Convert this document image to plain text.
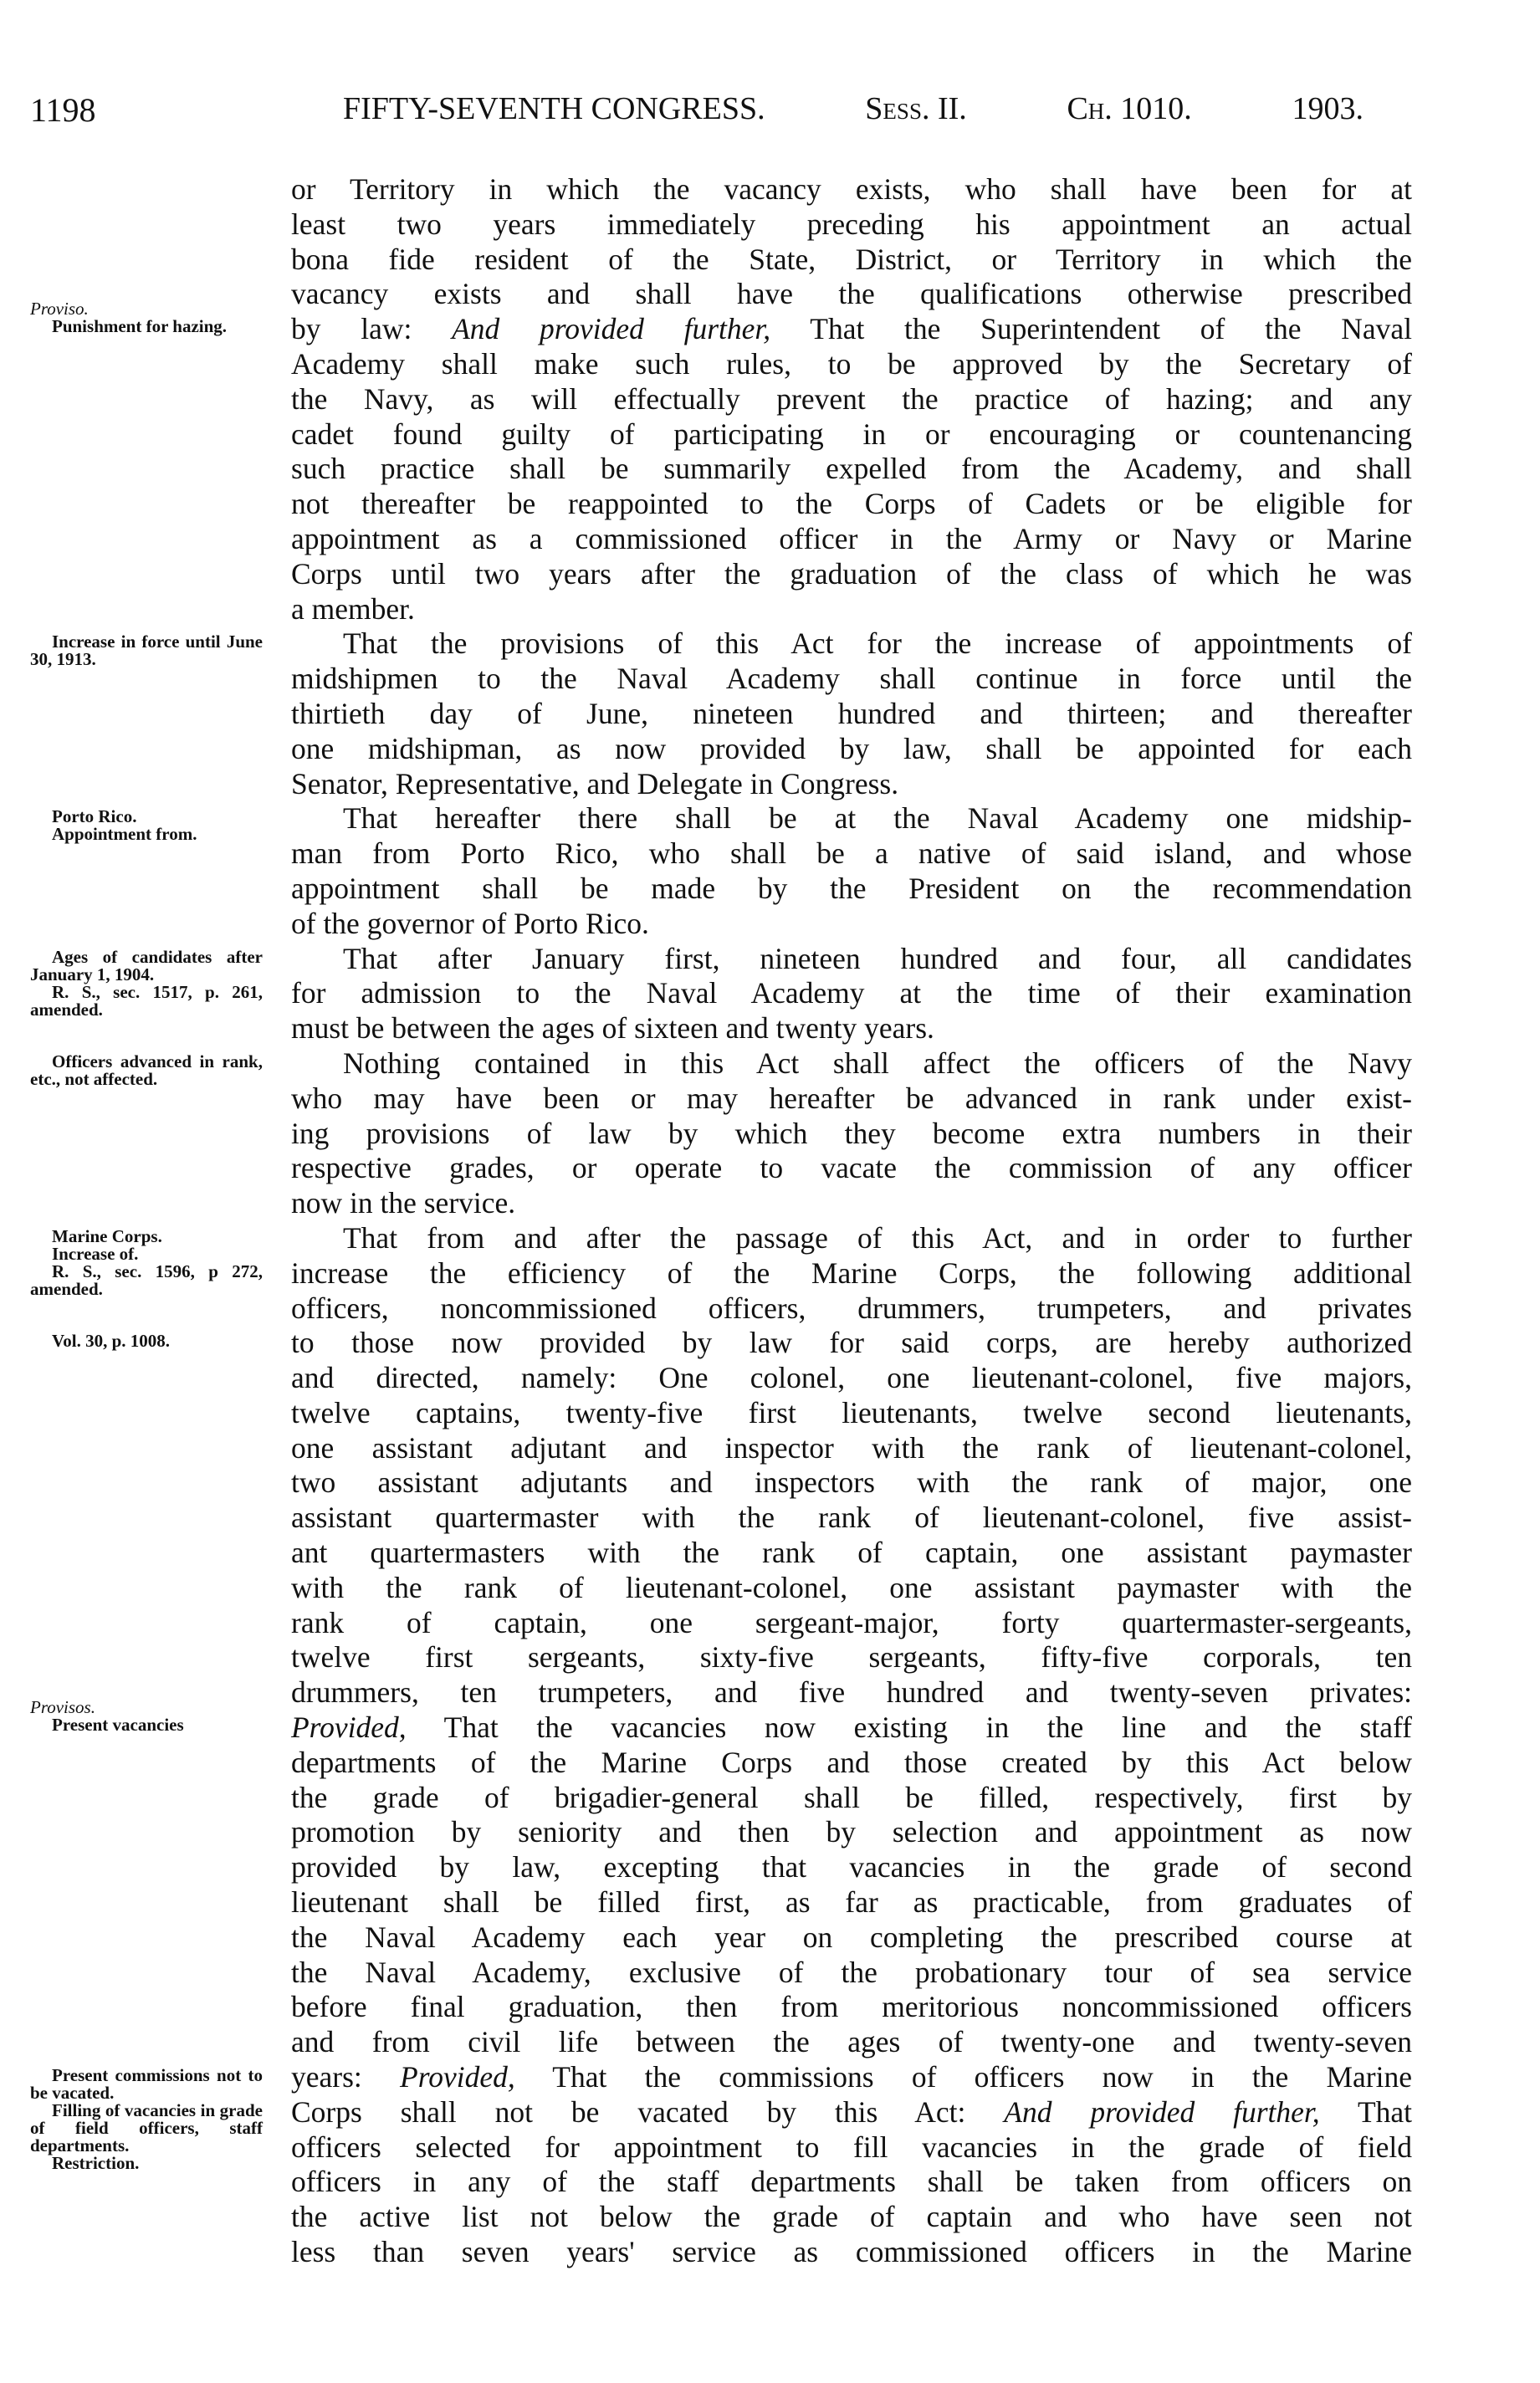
1198	FIFTY-SEVENTH CONGRESS.	Sess. II.	Ch. 1010.	1903.
Proviso.
Punishment for hazing.
Increase in force until June 30, 1913.
Porto Rico.
Appointment from.
Ages of candidates after January 1, 1904.
R. S., sec. 1517, p. 261, amended.
Officers advanced in rank, etc., not affected.
Marine Corps.
Increase of.
R. S., sec. 1596, p 272, amended.
Vol. 30, p. 1008.
Provisos.
Present vacancies
Present commissions not to be vacated.
Filling of vacancies in grade of field officers, staff departments.
Restriction.
or Territory in which the vacancy exists, who shall have been for at
least two years immediately preceding his appointment an actual
bona fide resident of the State, District, or Territory in which the
vacancy exists and shall have the qualifications otherwise prescribed
by law: And provided further, That the Superintendent of the Naval
Academy shall make such rules, to be approved by the Secretary of
the Navy, as will effectually prevent the practice of hazing; and any
cadet found guilty of participating in or encouraging or countenancing
such practice shall be summarily expelled from the Academy, and shall
not thereafter be reappointed to the Corps of Cadets or be eligible for
appointment as a commissioned officer in the Army or Navy or Marine
Corps until two years after the graduation of the class of which he was
a member.
That the provisions of this Act for the increase of appointments of
midshipmen to the Naval Academy shall continue in force until the
thirtieth day of June, nineteen hundred and thirteen; and thereafter
one midshipman, as now provided by law, shall be appointed for each
Senator, Representative, and Delegate in Congress.
That hereafter there shall be at the Naval Academy one midship-
man from Porto Rico, who shall be a native of said island, and whose
appointment shall be made by the President on the recommendation
of the governor of Porto Rico.
That after January first, nineteen hundred and four, all candidates
for admission to the Naval Academy at the time of their examination
must be between the ages of sixteen and twenty years.
Nothing contained in this Act shall affect the officers of the Navy
who may have been or may hereafter be advanced in rank under exist-
ing provisions of law by which they become extra numbers in their
respective grades, or operate to vacate the commission of any officer
now in the service.
That from and after the passage of this Act, and in order to further
increase the efficiency of the Marine Corps, the following additional
officers, noncommissioned officers, drummers, trumpeters, and privates
to those now provided by law for said corps, are hereby authorized
and directed, namely: One colonel, one lieutenant-colonel, five majors,
twelve captains, twenty-five first lieutenants, twelve second lieutenants,
one assistant adjutant and inspector with the rank of lieutenant-colonel,
two assistant adjutants and inspectors with the rank of major, one
assistant quartermaster with the rank of lieutenant-colonel, five assist-
ant quartermasters with the rank of captain, one assistant paymaster
with the rank of lieutenant-colonel, one assistant paymaster with the
rank of captain, one sergeant-major, forty quartermaster-sergeants,
twelve first sergeants, sixty-five sergeants, fifty-five corporals, ten
drummers, ten trumpeters, and five hundred and twenty-seven privates:
Provided, That the vacancies now existing in the line and the staff
departments of the Marine Corps and those created by this Act below
the grade of brigadier-general shall be filled, respectively, first by
promotion by seniority and then by selection and appointment as now
provided by law, excepting that vacancies in the grade of second
lieutenant shall be filled first, as far as practicable, from graduates of
the Naval Academy each year on completing the prescribed course at
the Naval Academy, exclusive of the probationary tour of sea service
before final graduation, then from meritorious noncommissioned officers
and from civil life between the ages of twenty-one and twenty-seven
years: Provided, That the commissions of officers now in the Marine
Corps shall not be vacated by this Act: And provided further, That
officers selected for appointment to fill vacancies in the grade of field
officers in any of the staff departments shall be taken from officers on
the active list not below the grade of captain and who have seen not
less than seven years' service as commissioned officers in the Marine
